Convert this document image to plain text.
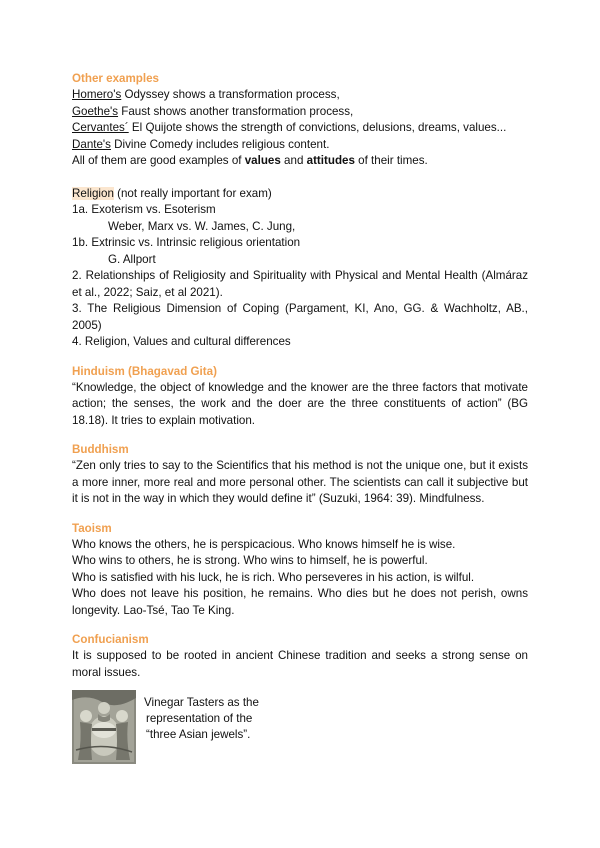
Other examples

Homero's Odyssey shows a transformation process,

Goethe's Faust shows another transformation process,

Cervantes´ El Quijote shows the strength of convictions, delusions, dreams, values...

Dante's Divine Comedy includes religious content.

All of them are good examples of values and attitudes of their times.

Religion (not really important for exam)

1a. Exoterism vs. Esoterism

Weber, Marx vs. W. James, C. Jung,

1b. Extrinsic vs. Intrinsic religious orientation

G. Allport

2. Relationships of Religiosity and Spirituality with Physical and Mental Health (Almáraz et al., 2022; Saiz, et al 2021).

3. The Religious Dimension of Coping (Pargament, KI, Ano, GG. & Wachholtz, AB., 2005)

4. Religion, Values and cultural differences

Hinduism (Bhagavad Gita)

“Knowledge, the object of knowledge and the knower are the three factors that motivate action; the senses, the work and the doer are the three constituents of action” (BG 18.18). It tries to explain motivation.

Buddhism

“Zen only tries to say to the Scientifics that his method is not the unique one, but it exists a more inner, more real and more personal other. The scientists can call it subjective but it is not in the way in which they would define it” (Suzuki, 1964: 39). Mindfulness.

Taoism

Who knows the others, he is perspicacious. Who knows himself he is wise.

Who wins to others, he is strong. Who wins to himself, he is powerful.

Who is satisfied with his luck, he is rich. Who perseveres in his action, is wilful.

Who does not leave his position, he remains. Who dies but he does not perish, owns longevity. Lao-Tsé, Tao Te King.

Confucianism

It is supposed to be rooted in ancient Chinese tradition and seeks a strong sense on moral issues.

Vinegar Tasters as the
representation of the
“three Asian jewels”.
